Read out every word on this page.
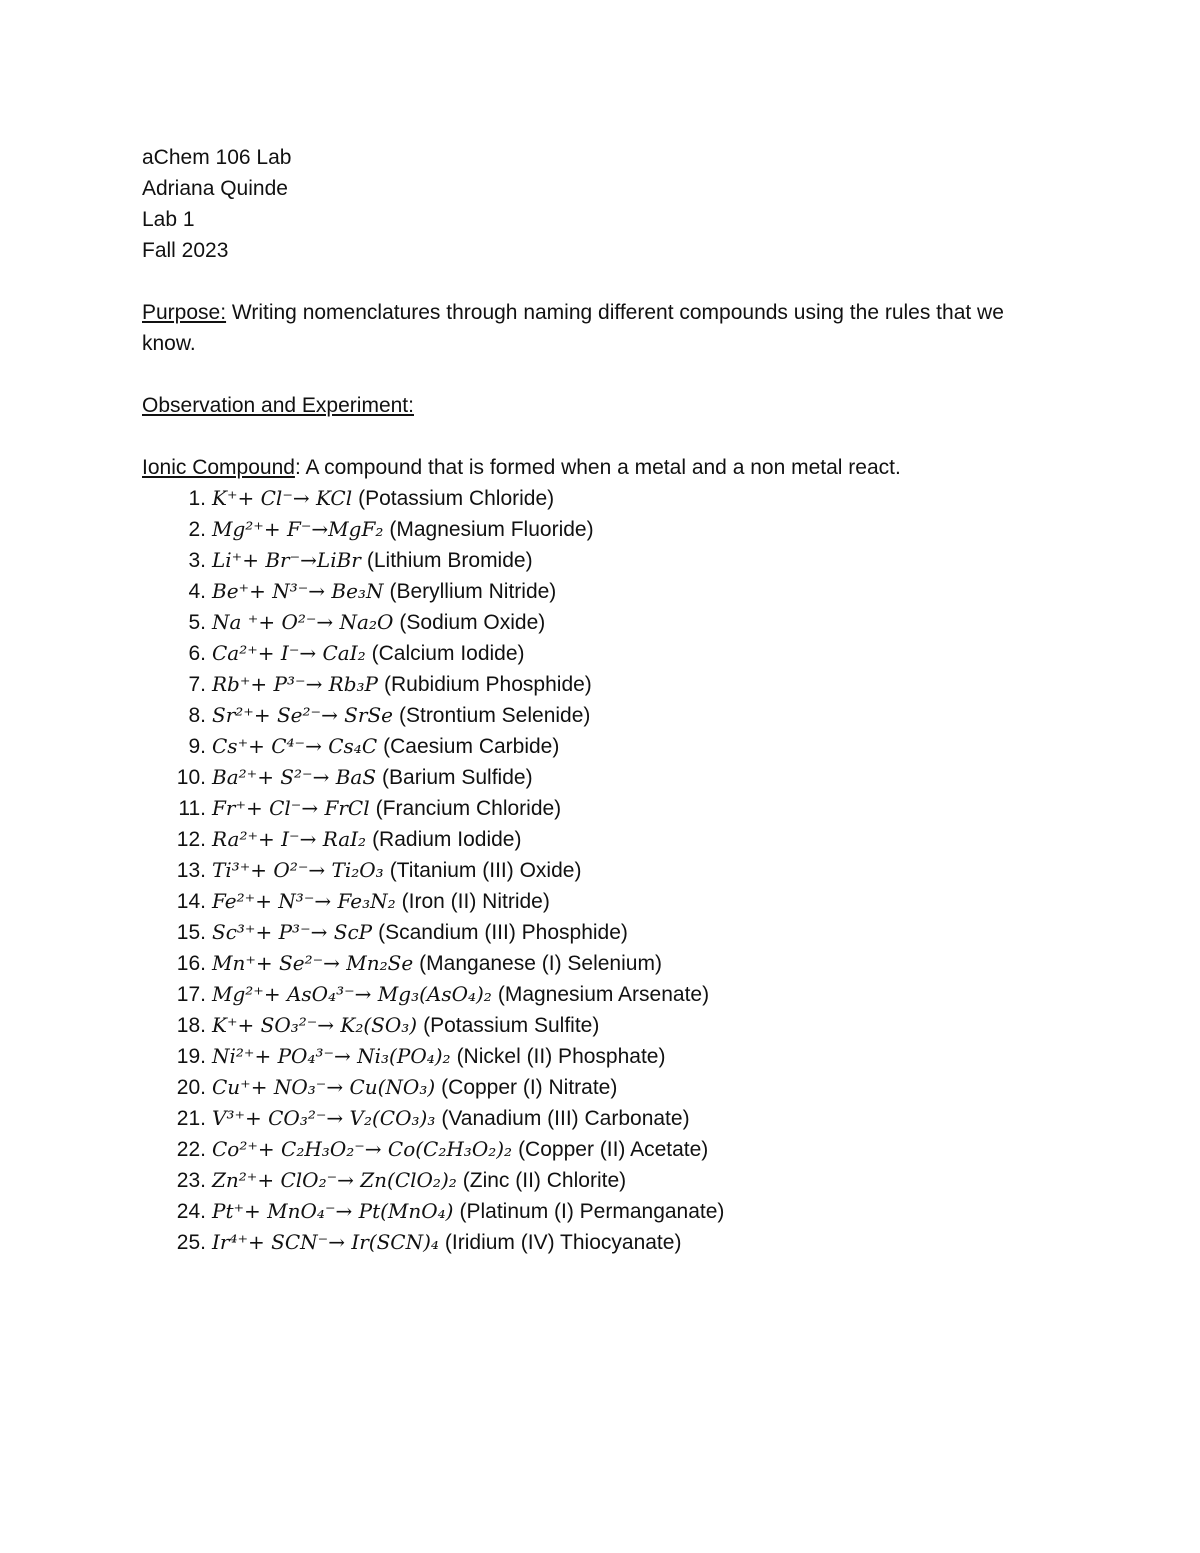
aChem 106 Lab
Adriana Quinde
Lab 1
Fall 2023

Purpose: Writing nomenclatures through naming different compounds using the rules that we know.

Observation and Experiment:
Ionic Compound: A compound that is formed when a metal and a non metal react.
1. K⁺+ Cl⁻→ KCl (Potassium Chloride)
2. Mg²⁺+ F⁻→MgF₂ (Magnesium Fluoride)
3. Li⁺+ Br⁻→LiBr (Lithium Bromide)
4. Be⁺+ N³⁻→ Be₃N (Beryllium Nitride)
5. Na ⁺+ O²⁻→ Na₂O (Sodium Oxide)
6. Ca²⁺+ I⁻→ CaI₂ (Calcium Iodide)
7. Rb⁺+ P³⁻→ Rb₃P (Rubidium Phosphide)
8. Sr²⁺+ Se²⁻→ SrSe (Strontium Selenide)
9. Cs⁺+ C⁴⁻→ Cs₄C (Caesium Carbide)
10. Ba²⁺+ S²⁻→ BaS (Barium Sulfide)
11. Fr⁺+ Cl⁻→ FrCl (Francium Chloride)
12. Ra²⁺+ I⁻→ RaI₂ (Radium Iodide)
13. Ti³⁺+ O²⁻→ Ti₂O₃ (Titanium (III) Oxide)
14. Fe²⁺+ N³⁻→ Fe₃N₂ (Iron (II) Nitride)
15. Sc³⁺+ P³⁻→ ScP (Scandium (III) Phosphide)
16. Mn⁺+ Se²⁻→ Mn₂Se (Manganese (I) Selenium)
17. Mg²⁺+ AsO₄³⁻→ Mg₃(AsO₄)₂ (Magnesium Arsenate)
18. K⁺+ SO₃²⁻→ K₂(SO₃) (Potassium Sulfite)
19. Ni²⁺+ PO₄³⁻→ Ni₃(PO₄)₂ (Nickel (II) Phosphate)
20. Cu⁺+ NO₃⁻→ Cu(NO₃) (Copper (I) Nitrate)
21. V³⁺+ CO₃²⁻→ V₂(CO₃)₃ (Vanadium (III) Carbonate)
22. Co²⁺+ C₂H₃O₂⁻→ Co(C₂H₃O₂)₂ (Copper (II) Acetate)
23. Zn²⁺+ ClO₂⁻→ Zn(ClO₂)₂ (Zinc (II) Chlorite)
24. Pt⁺+ MnO₄⁻→ Pt(MnO₄) (Platinum (I) Permanganate)
25. Ir⁴⁺+ SCN⁻→ Ir(SCN)₄ (Iridium (IV) Thiocyanate)
